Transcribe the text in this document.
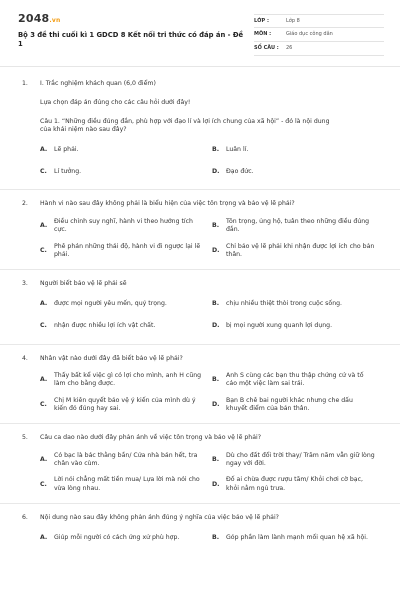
2048.vn
Bộ 3 đề thi cuối kì 1 GDCD 8 Kết nối tri thức có đáp án - Đề 1
LỚP :	Lớp 8
MÔN :	Giáo dục công dân
SỐ CÂU :	26
1. I. Trắc nghiệm khách quan (6,0 điểm)
Lựa chọn đáp án đúng cho các câu hỏi dưới đây!
Câu 1. “Những điều đúng đắn, phù hợp với đạo lí và lợi ích chung của xã hội” - đó là nội dung của khái niệm nào sau đây?
A.	Lẽ phải.	B.	Luân lí.
C.	Lí tưởng.	D.	Đạo đức.
2. Hành vi nào sau đây không phải là biểu hiện của việc tôn trọng và bảo vệ lẽ phải?
A.
Điều chỉnh suy nghĩ, hành vi theo hướng tích cực.
B.
Tôn trọng, ủng hộ, tuân theo những điều đúng đắn.
C.
Phê phán những thái độ, hành vi đi ngược lại lẽ phải.
D.
Chỉ bảo vệ lẽ phải khi nhận được lợi ích cho bản thân.
3. Người biết bảo vệ lẽ phải sẽ
A.	được mọi người yêu mến, quý trọng.	B.	chịu nhiều thiệt thòi trong cuộc sống.
C.	nhận được nhiều lợi ích vật chất.	D.	bị mọi người xung quanh lợi dụng.
4. Nhân vật nào dưới đây đã biết bảo vệ lẽ phải?
A.
Thấy bất kể việc gì có lợi cho mình, anh H cũng làm cho bằng được.
B.
Anh S cùng các bạn thu thập chứng cứ và tố cáo một việc làm sai trái.
C.
Chị M kiên quyết bảo vệ ý kiến của mình dù ý kiến đó đúng hay sai.
D.
Bạn B chê bai người khác nhưng che dấu khuyết điểm của bản thân.
5. Câu ca dao nào dưới đây phản ánh về việc tôn trọng và bảo vệ lẽ phải?
A.
Có bạc là bác thằng bần/ Cửa nhà bán hết, tra chân vào cùm.
B.
Dù cho đất đổi trời thay/ Trăm năm vẫn giữ lòng ngay với đời.
C.
Lời nói chẳng mất tiền mua/ Lựa lời mà nói cho vừa lòng nhau.
D.
Đố ai chừa được rượu tăm/ Khỏi chơi cờ bạc, khỏi nằm ngủ trưa.
6. Nội dung nào sau đây không phản ánh đúng ý nghĩa của việc bảo vệ lẽ phải?
A.	Giúp mỗi người có cách ứng xử phù hợp.	B.	Góp phần làm lành mạnh mối quan hệ xã hội.
